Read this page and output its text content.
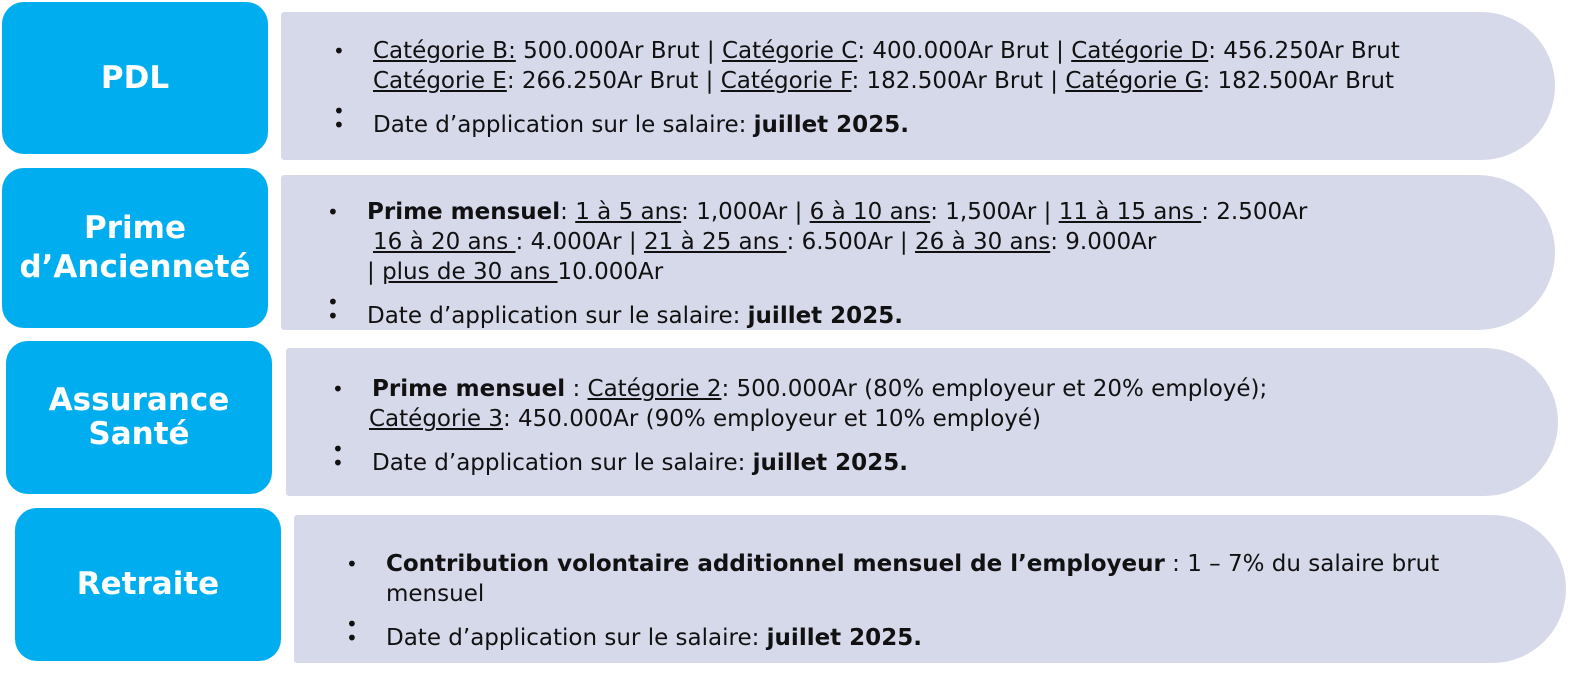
PDL
• Catégorie B: 500.000Ar Brut | Catégorie C: 400.000Ar Brut | Catégorie D: 456.250Ar Brut
Catégorie E: 266.250Ar Brut | Catégorie F: 182.500Ar Brut | Catégorie G: 182.500Ar Brut
•
• Date d’application sur le salaire: juillet 2025.
Prime
d’Ancienneté
• Prime mensuel: 1 à 5 ans: 1,000Ar | 6 à 10 ans: 1,500Ar | 11 à 15 ans : 2.500Ar
16 à 20 ans : 4.000Ar | 21 à 25 ans : 6.500Ar | 26 à 30 ans: 9.000Ar
| plus de 30 ans 10.000Ar
•
• Date d’application sur le salaire: juillet 2025.
Assurance
Santé
• Prime mensuel : Catégorie 2: 500.000Ar (80% employeur et 20% employé);
Catégorie 3: 450.000Ar (90% employeur et 10% employé)
•
• Date d’application sur le salaire: juillet 2025.
Retraite
• Contribution volontaire additionnel mensuel de l’employeur : 1 – 7% du salaire brut mensuel
•
• Date d’application sur le salaire: juillet 2025.
